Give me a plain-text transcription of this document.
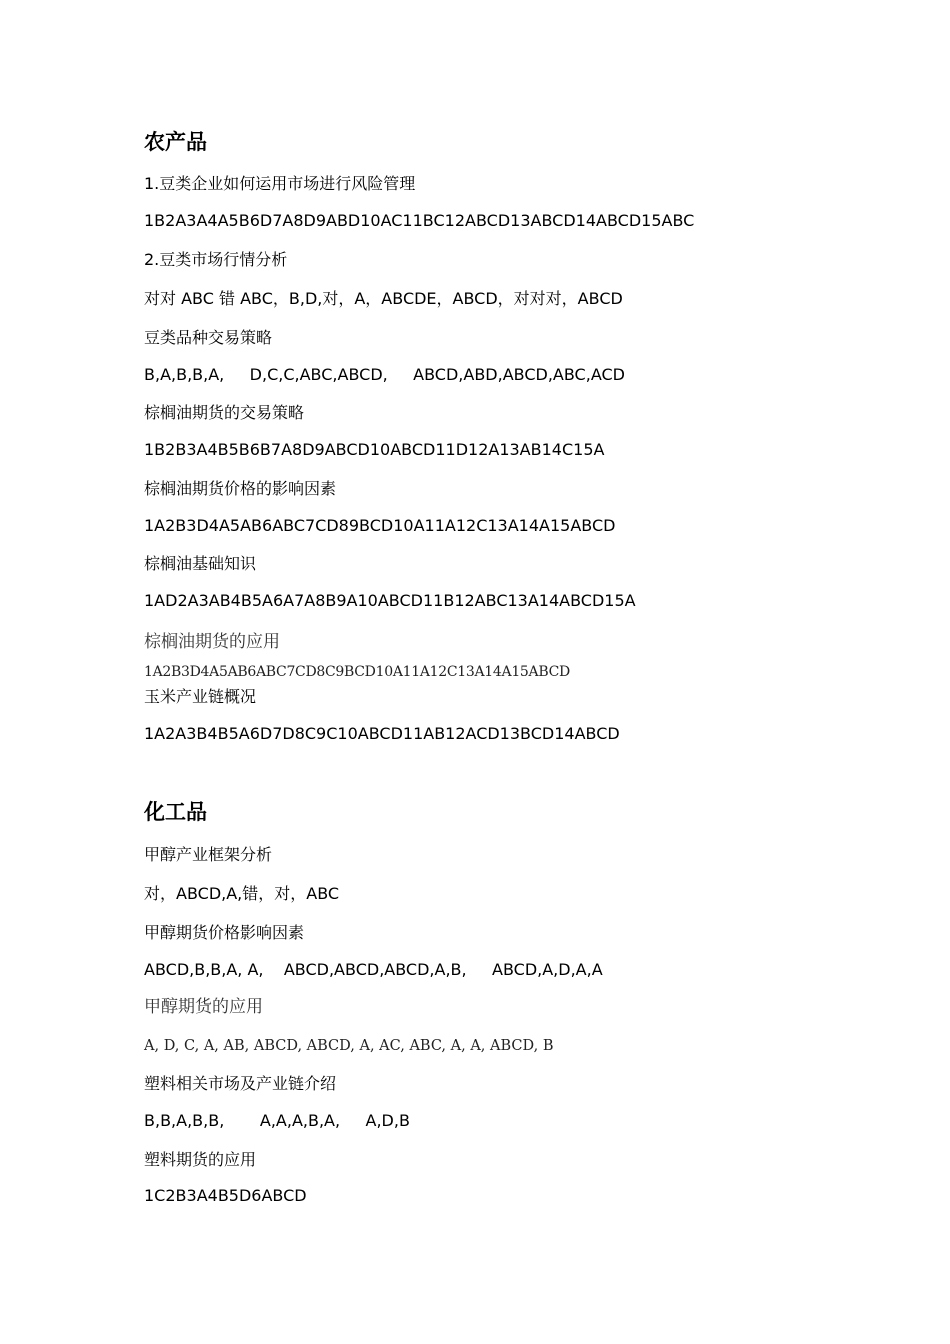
农产品
1.豆类企业如何运用市场进行风险管理
1B2A3A4A5B6D7A8D9ABD10AC11BC12ABCD13ABCD14ABCD15ABC
2.豆类市场行情分析
对对 ABC 错 ABC，B,D,对，A，ABCDE，ABCD，对对对，ABCD
豆类品种交易策略
B,A,B,B,A,     D,C,C,ABC,ABCD,     ABCD,ABD,ABCD,ABC,ACD
棕榈油期货的交易策略
1B2B3A4B5B6B7A8D9ABCD10ABCD11D12A13AB14C15A
棕榈油期货价格的影响因素
1A2B3D4A5AB6ABC7CD89BCD10A11A12C13A14A15ABCD
棕榈油基础知识
1AD2A3AB4B5A6A7A8B9A10ABCD11B12ABC13A14ABCD15A
棕榈油期货的应用
1A2B3D4A5AB6ABC7CD8C9BCD10A11A12C13A14A15ABCD
玉米产业链概况
1A2A3B4B5A6D7D8C9C10ABCD11AB12ACD13BCD14ABCD
化工品
甲醇产业框架分析
对，ABCD,A,错，对，ABC
甲醇期货价格影响因素
ABCD,B,B,A, A,    ABCD,ABCD,ABCD,A,B,     ABCD,A,D,A,A
甲醇期货的应用
A, D, C, A, AB, ABCD, ABCD, A, AC, ABC, A, A, ABCD, B
塑料相关市场及产业链介绍
B,B,A,B,B,       A,A,A,B,A,     A,D,B
塑料期货的应用
1C2B3A4B5D6ABCD
